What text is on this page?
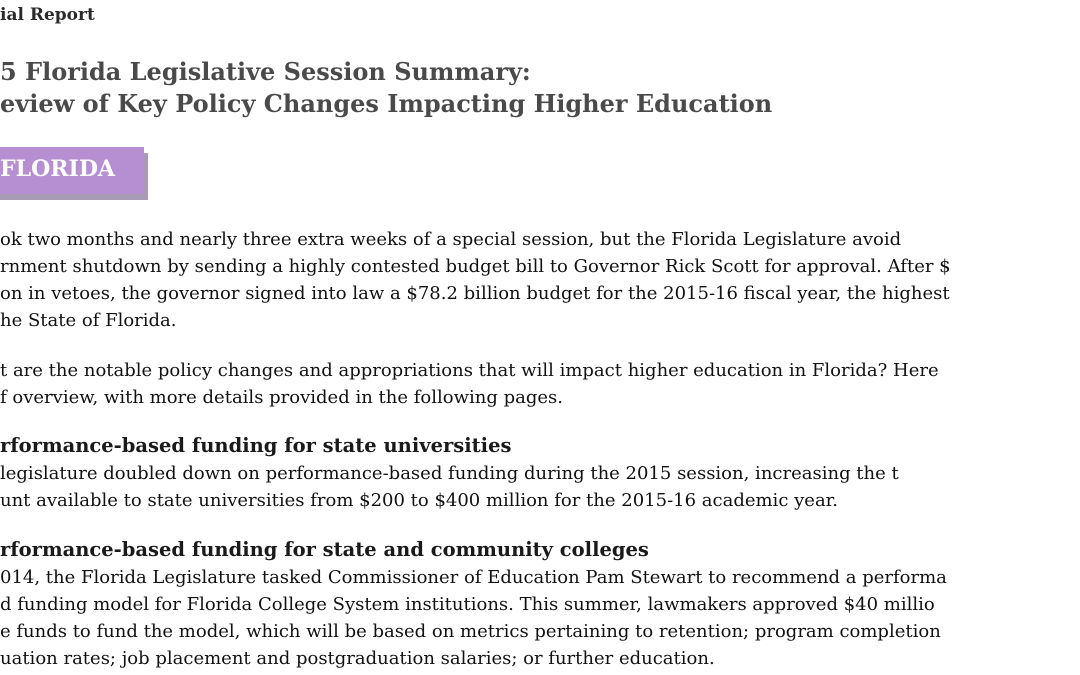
ial Report
5 Florida Legislative Session Summary:
eview of Key Policy Changes Impacting Higher Education
FLORIDA
ok two months and nearly three extra weeks of a special session, but the Florida Legislature avoid
rnment shutdown by sending a highly contested budget bill to Governor Rick Scott for approval. After $
on in vetoes, the governor signed into law a $78.2 billion budget for the 2015-16 fiscal year, the highest
he State of Florida.
t are the notable policy changes and appropriations that will impact higher education in Florida? Here
f overview, with more details provided in the following pages.
rformance-based funding for state universities
legislature doubled down on performance-based funding during the 2015 session, increasing the t
unt available to state universities from $200 to $400 million for the 2015-16 academic year.
rformance-based funding for state and community colleges
014, the Florida Legislature tasked Commissioner of Education Pam Stewart to recommend a performa
d funding model for Florida College System institutions. This summer, lawmakers approved $40 millio
e funds to fund the model, which will be based on metrics pertaining to retention; program completion
uation rates; job placement and postgraduation salaries; or further education.
